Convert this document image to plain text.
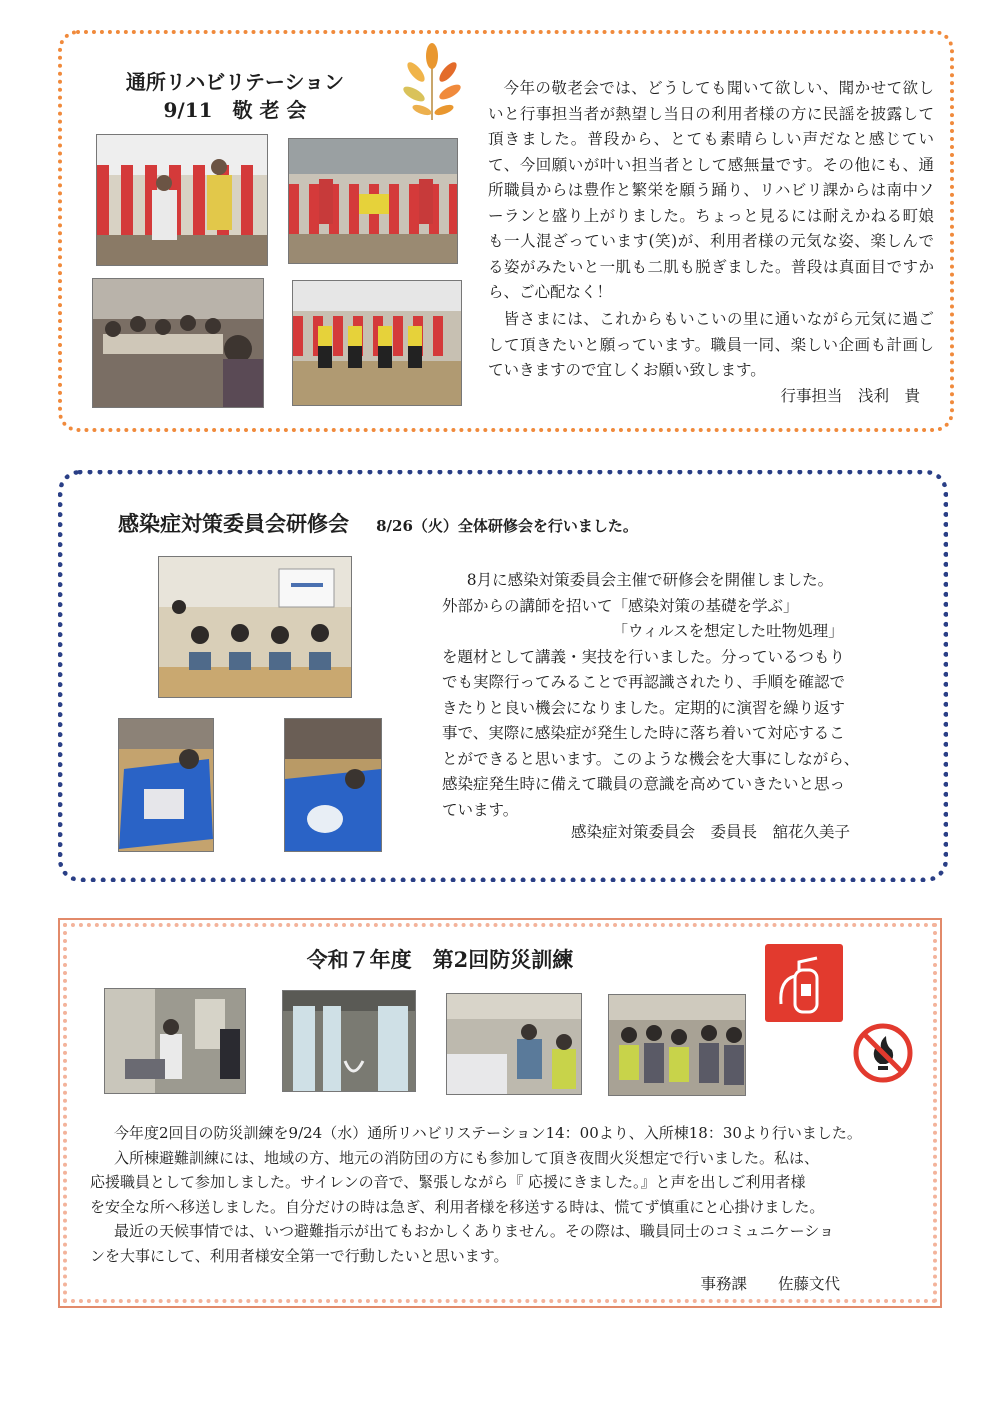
通所リハビリテーション
9/11　敬 老 会
今年の敬老会では、どうしても聞いて欲しい、聞かせて欲しいと行事担当者が熱望し当日の利用者様の方に民謡を披露して頂きました。普段から、とても素晴らしい声だなと感じていて、今回願いが叶い担当者として感無量です。その他にも、通所職員からは豊作と繁栄を願う踊り、リハビリ課からは南中ソーランと盛り上がりました。ちょっと見るには耐えかねる町娘も一人混ざっています(笑)が、利用者様の元気な姿、楽しんでる姿がみたいと一肌も二肌も脱ぎました。普段は真面目ですから、ご心配なく！
皆さまには、これからもいこいの里に通いながら元気に過ごして頂きたいと願っています。職員一同、楽しい企画も計画していきますので宜しくお願い致します。
行事担当　浅利　貴
感染症対策委員会研修会 8/26（火）全体研修会を行いました。
8月に感染対策委員会主催で研修会を開催しました。
外部からの講師を招いて「感染対策の基礎を学ぶ」
「ウィルスを想定した吐物処理」
を題材として講義・実技を行いました。分っているつもり
でも実際行ってみることで再認識されたり、手順を確認で
きたりと良い機会になりました。定期的に演習を繰り返す
事で、実際に感染症が発生した時に落ち着いて対応するこ
とができると思います。このような機会を大事にしながら、
感染症発生時に備えて職員の意識を高めていきたいと思っ
ています。
感染症対策委員会　委員長　舘花久美子
令和７年度　第2回防災訓練
今年度2回目の防災訓練を9/24（水）通所リハビリステーション14：00より、入所棟18：30より行いました。
入所棟避難訓練には、地域の方、地元の消防団の方にも参加して頂き夜間火災想定で行いました。私は、
応援職員として参加しました。サイレンの音で、緊張しながら『 応援にきました。』と声を出しご利用者様
を安全な所へ移送しました。自分だけの時は急ぎ、利用者様を移送する時は、慌てず慎重にと心掛けました。
最近の天候事情では、いつ避難指示が出てもおかしくありません。その際は、職員同士のコミュニケーショ
ンを大事にして、利用者様安全第一で行動したいと思います。
事務課　　佐藤文代
